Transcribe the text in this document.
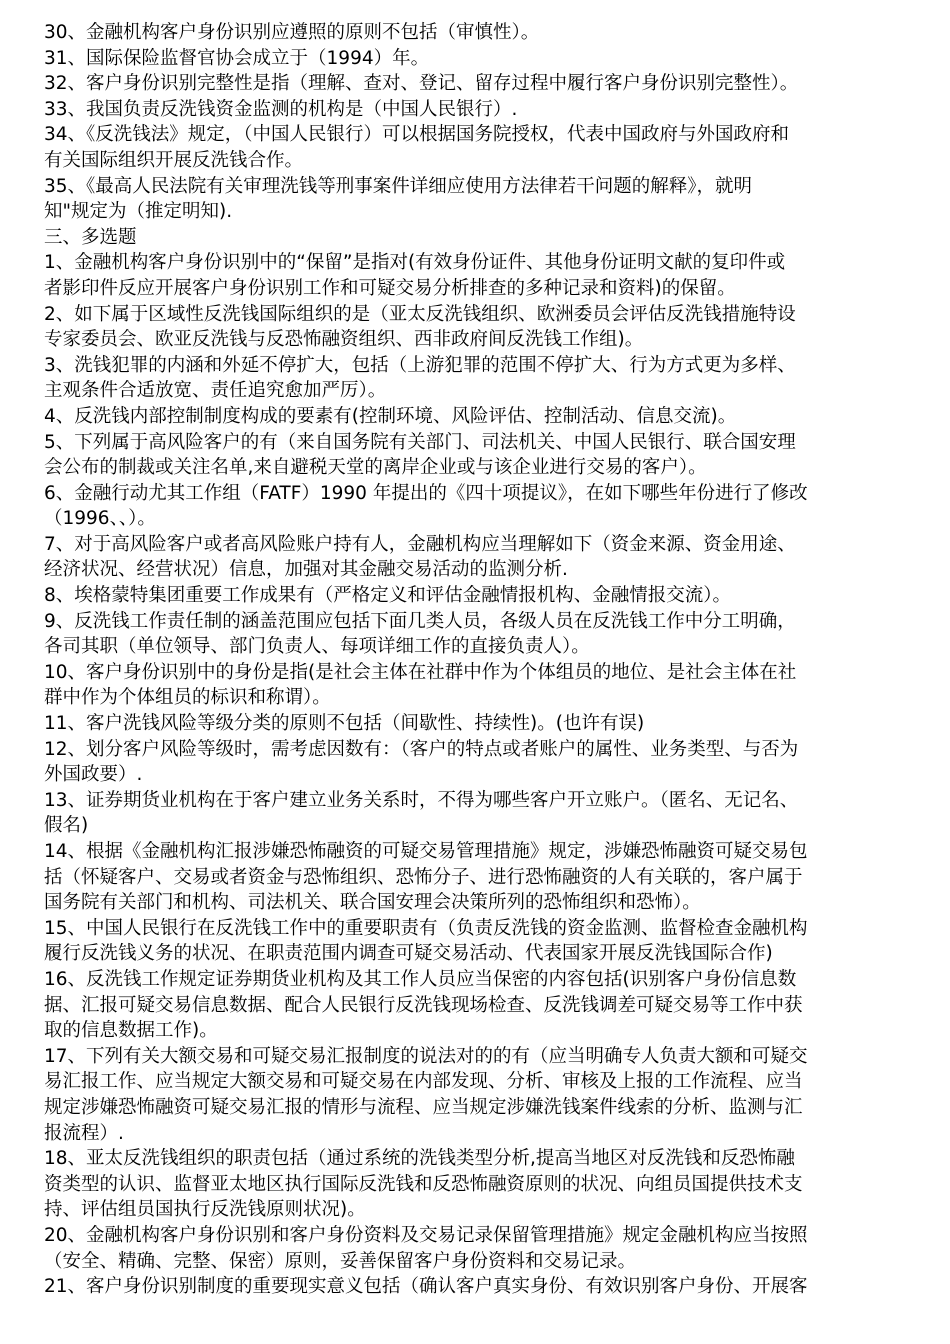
30、金融机构客户身份识别应遵照的原则不包括（审慎性）。
31、国际保险监督官协会成立于（1994）年。
32、客户身份识别完整性是指（理解、查对、登记、留存过程中履行客户身份识别完整性）。
33、我国负责反洗钱资金监测的机构是（中国人民银行）.
34、《反洗钱法》规定，（中国人民银行）可以根据国务院授权，代表中国政府与外国政府和
有关国际组织开展反洗钱合作。
35、《最高人民法院有关审理洗钱等刑事案件详细应使用方法律若干问题的解释》，就明
知"规定为（推定明知).
三、多选题
1、金融机构客户身份识别中的“保留”是指对(有效身份证件、其他身份证明文献的复印件或
者影印件反应开展客户身份识别工作和可疑交易分析排查的多种记录和资料)的保留。
2、如下属于区域性反洗钱国际组织的是（亚太反洗钱组织、欧洲委员会评估反洗钱措施特设
专家委员会、欧亚反洗钱与反恐怖融资组织、西非政府间反洗钱工作组)。
3、洗钱犯罪的内涵和外延不停扩大，包括（上游犯罪的范围不停扩大、行为方式更为多样、
主观条件合适放宽、责任追究愈加严厉）。
4、反洗钱内部控制制度构成的要素有(控制环境、风险评估、控制活动、信息交流)。
5、下列属于高风险客户的有（来自国务院有关部门、司法机关、中国人民银行、联合国安理
会公布的制裁或关注名单,来自避税天堂的离岸企业或与该企业进行交易的客户）。
6、金融行动尤其工作组（FATF）1990 年提出的《四十项提议》，在如下哪些年份进行了修改
（1996、、）。
7、对于高风险客户或者高风险账户持有人，金融机构应当理解如下（资金来源、资金用途、
经济状况、经营状况）信息，加强对其金融交易活动的监测分析.
8、埃格蒙特集团重要工作成果有（严格定义和评估金融情报机构、金融情报交流）。
9、反洗钱工作责任制的涵盖范围应包括下面几类人员，各级人员在反洗钱工作中分工明确，
各司其职（单位领导、部门负责人、每项详细工作的直接负责人）。
10、客户身份识别中的身份是指(是社会主体在社群中作为个体组员的地位、是社会主体在社
群中作为个体组员的标识和称谓）。
11、客户洗钱风险等级分类的原则不包括（间歇性、持续性)。(也许有误)
12、划分客户风险等级时，需考虑因数有：（客户的特点或者账户的属性、业务类型、与否为
外国政要）.
13、证券期货业机构在于客户建立业务关系时，不得为哪些客户开立账户。（匿名、无记名、
假名)
14、根据《金融机构汇报涉嫌恐怖融资的可疑交易管理措施》规定，涉嫌恐怖融资可疑交易包
括（怀疑客户、交易或者资金与恐怖组织、恐怖分子、进行恐怖融资的人有关联的，客户属于
国务院有关部门和机构、司法机关、联合国安理会决策所列的恐怖组织和恐怖）。
15、中国人民银行在反洗钱工作中的重要职责有（负责反洗钱的资金监测、监督检查金融机构
履行反洗钱义务的状况、在职责范围内调查可疑交易活动、代表国家开展反洗钱国际合作)
16、反洗钱工作规定证券期货业机构及其工作人员应当保密的内容包括(识别客户身份信息数
据、汇报可疑交易信息数据、配合人民银行反洗钱现场检查、反洗钱调差可疑交易等工作中获
取的信息数据工作)。
17、下列有关大额交易和可疑交易汇报制度的说法对的的有（应当明确专人负责大额和可疑交
易汇报工作、应当规定大额交易和可疑交易在内部发现、分析、审核及上报的工作流程、应当
规定涉嫌恐怖融资可疑交易汇报的情形与流程、应当规定涉嫌洗钱案件线索的分析、监测与汇
报流程）.
18、亚太反洗钱组织的职责包括（通过系统的洗钱类型分析,提高当地区对反洗钱和反恐怖融
资类型的认识、监督亚太地区执行国际反洗钱和反恐怖融资原则的状况、向组员国提供技术支
持、评估组员国执行反洗钱原则状况)。
20、金融机构客户身份识别和客户身份资料及交易记录保留管理措施》规定金融机构应当按照
（安全、精确、完整、保密）原则，妥善保留客户身份资料和交易记录。
21、客户身份识别制度的重要现实意义包括（确认客户真实身份、有效识别客户身份、开展客
